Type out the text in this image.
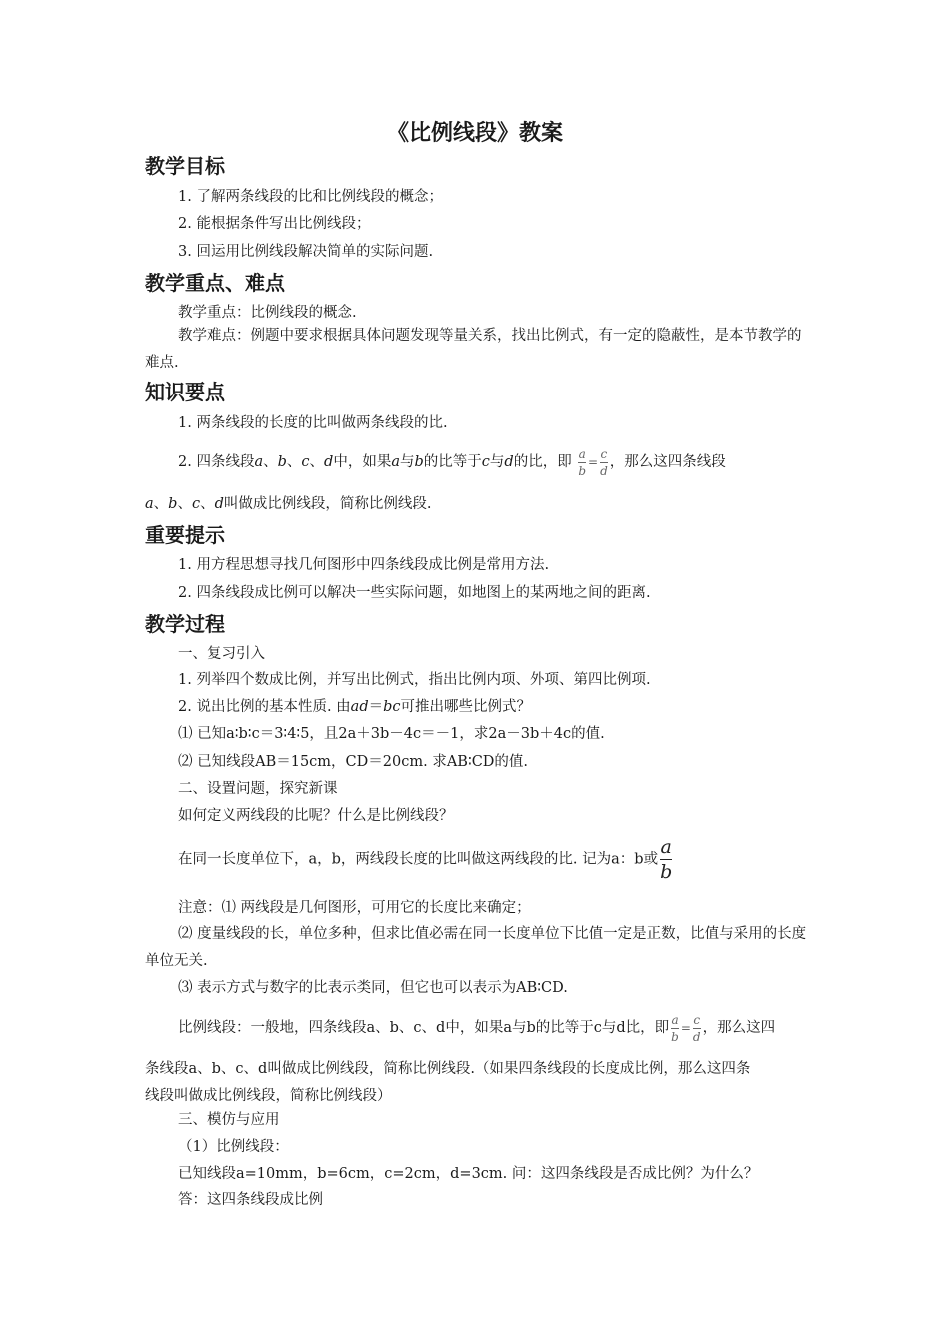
《比例线段》教案
教学目标
1. 了解两条线段的比和比例线段的概念；
2. 能根据条件写出比例线段；
3. 回运用比例线段解决简单的实际问题.
教学重点、难点
教学重点：比例线段的概念.
教学难点：例题中要求根据具体问题发现等量关系，找出比例式，有一定的隐蔽性，是本节教学的难点.
知识要点
1. 两条线段的长度的比叫做两条线段的比.
2. 四条线段a、b、c、d中，如果a与b的比等于c与d的比，即 $\frac{a}{b} = \frac{c}{d}$ ，那么这四条线段
a、b、c、d叫做成比例线段，简称比例线段.
重要提示
1. 用方程思想寻找几何图形中四条线段成比例是常用方法.
2. 四条线段成比例可以解决一些实际问题，如地图上的某两地之间的距离.
教学过程
一、复习引入
1. 列举四个数成比例，并写出比例式，指出比例内项、外项、第四比例项.
2. 说出比例的基本性质. 由ad＝bc可推出哪些比例式？
⑴ 已知a∶b∶c＝3∶4∶5，且2a＋3b－4c＝－1，求2a－3b＋4c的值.
⑵ 已知线段AB＝15cm，CD＝20cm. 求AB∶CD的值.
二、设置问题，探究新课
如何定义两线段的比呢？什么是比例线段？
在同一长度单位下，a，b，两线段长度的比叫做这两线段的比. 记为a：b或 $\frac{a}{b}$
注意：⑴ 两线段是几何图形，可用它的长度比来确定；
⑵ 度量线段的长，单位多种，但求比值必需在同一长度单位下比值一定是正数，比值与采用的长度单位无关.
⑶ 表示方式与数字的比表示类同，但它也可以表示为AB∶CD.
比例线段：一般地，四条线段a、b、c、d中，如果a与b的比等于c与d比，即 $\frac{a}{b} = \frac{c}{d}$ ，那么这四
条线段a、b、c、d叫做成比例线段，简称比例线段.（如果四条线段的长度成比例，那么这四条
线段叫做成比例线段，简称比例线段）
三、模仿与应用
（1）比例线段：
已知线段a=10mm，b=6cm，c=2cm，d=3cm. 问：这四条线段是否成比例？为什么？
答：这四条线段成比例
